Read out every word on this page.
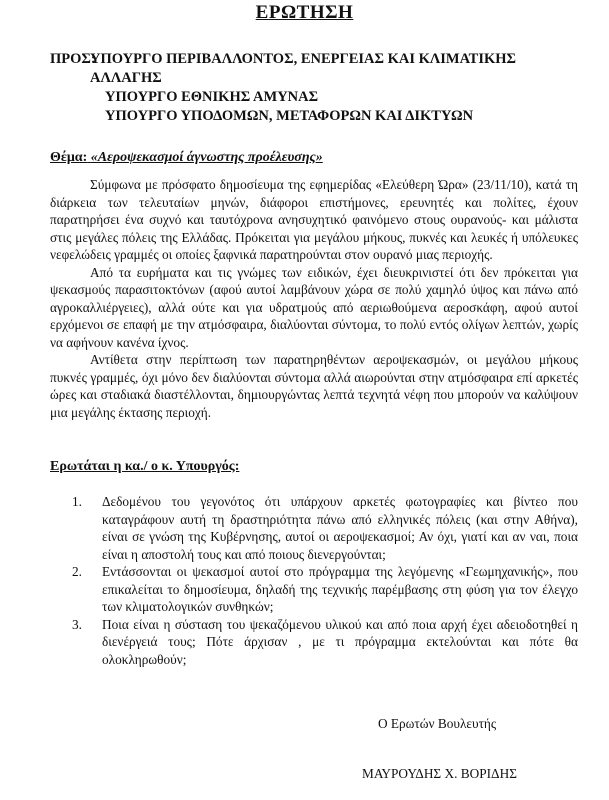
ΕΡΩΤΗΣΗ
ΠΡΟΣ:
ΥΠΟΥΡΓΟ ΠΕΡΙΒΑΛΛΟΝΤΟΣ, ΕΝΕΡΓΕΙΑΣ ΚΑΙ ΚΛΙΜΑΤΙΚΗΣ
ΑΛΛΑΓΗΣ
ΥΠΟΥΡΓΟ ΕΘΝΙΚΗΣ ΑΜΥΝΑΣ
ΥΠΟΥΡΓΟ ΥΠΟΔΟΜΩΝ, ΜΕΤΑΦΟΡΩΝ ΚΑΙ ΔΙΚΤΥΩΝ
Θέμα: «Αεροψεκασμοί άγνωστης προέλευσης»

Σύμφωνα με πρόσφατο δημοσίευμα της εφημερίδας «Ελεύθερη Ώρα» (23/11/10), κατά τη διάρκεια των τελευταίων μηνών, διάφοροι επιστήμονες, ερευνητές και πολίτες, έχουν παρατηρήσει ένα συχνό και ταυτόχρονα ανησυχητικό φαινόμενο στους ουρανούς- και μάλιστα στις μεγάλες πόλεις της Ελλάδας. Πρόκειται για μεγάλου μήκους, πυκνές και λευκές ή υπόλευκες νεφελώδεις γραμμές οι οποίες ξαφνικά παρατηρούνται στον ουρανό μιας περιοχής.

Από τα ευρήματα και τις γνώμες των ειδικών, έχει διευκρινιστεί ότι δεν πρόκειται για ψεκασμούς παρασιτοκτόνων (αφού αυτοί λαμβάνουν χώρα σε πολύ χαμηλό ύψος και πάνω από αγροκαλλιέργειες), αλλά ούτε και για υδρατμούς από αεριωθούμενα αεροσκάφη, αφού αυτοί ερχόμενοι σε επαφή με την ατμόσφαιρα, διαλύονται σύντομα, το πολύ εντός ολίγων λεπτών, χωρίς να αφήνουν κανένα ίχνος.

Αντίθετα στην περίπτωση των παρατηρηθέντων αεροψεκασμών, οι μεγάλου μήκους πυκνές γραμμές, όχι μόνο δεν διαλύονται σύντομα αλλά αιωρούνται στην ατμόσφαιρα επί αρκετές ώρες και σταδιακά διαστέλλονται, δημιουργώντας λεπτά τεχνητά νέφη που μπορούν να καλύψουν μια μεγάλης έκτασης περιοχή.

Ερωτάται η κα./ ο κ. Υπουργός:
1.	Δεδομένου του γεγονότος ότι υπάρχουν αρκετές φωτογραφίες και βίντεο που καταγράφουν αυτή τη δραστηριότητα πάνω από ελληνικές πόλεις (και στην Αθήνα), είναι σε γνώση της Κυβέρνησης, αυτοί οι αεροψεκασμοί; Αν όχι, γιατί και αν ναι, ποια είναι η αποστολή τους και από ποιους διενεργούνται;
2.	Εντάσσονται οι ψεκασμοί αυτοί στο πρόγραμμα της λεγόμενης «Γεωμηχανικής», που επικαλείται το δημοσίευμα, δηλαδή της τεχνικής παρέμβασης στη φύση για τον έλεγχο των κλιματολογικών συνθηκών;
3.	Ποια είναι η σύσταση του ψεκαζόμενου υλικού και από ποια αρχή έχει αδειοδοτηθεί η διενέργειά τους; Πότε άρχισαν , με τι πρόγραμμα εκτελούνται και πότε θα ολοκληρωθούν;
Ο Ερωτών Βουλευτής
ΜΑΥΡΟΥΔΗΣ Χ. ΒΟΡΙΔΗΣ
